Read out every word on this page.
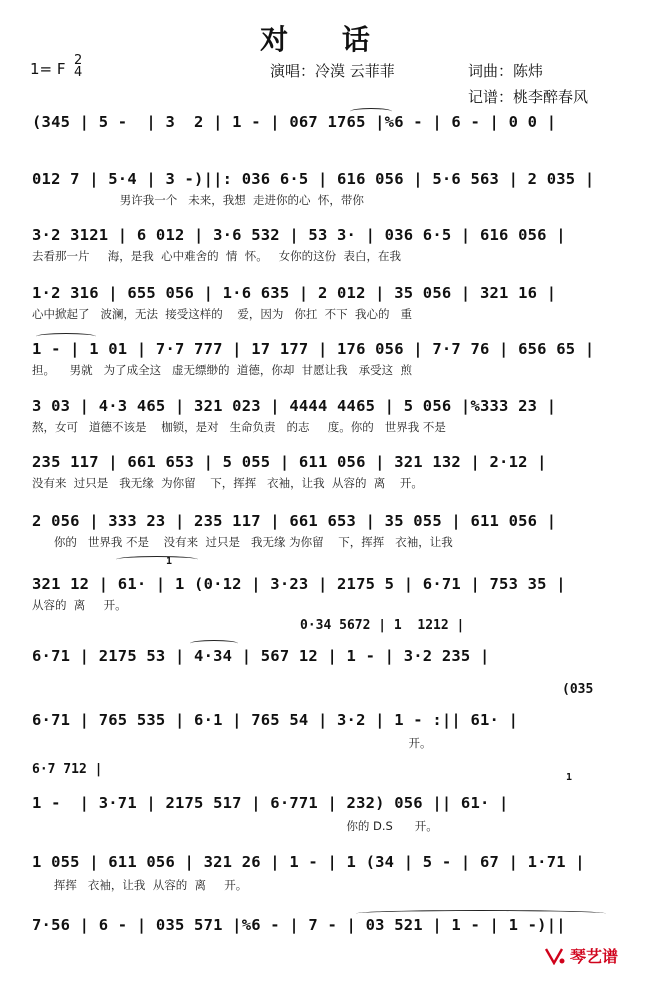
对 话
1= F 2
4	演唱：冷漠 云菲菲	词曲：陈炜
记谱：桃李醉春风
(345 | 5 -  | 3  2 | 1 - | 067 1765 |%6 - | 6 - | 0 0 |
012 7 | 5·4 | 3 -)||: 036 6·5 | 616 056 | 5·6 563 | 2 035 |
男许我一个   未来，我想  走进你的心  怀，带你
3·2 3121 | 6 012 | 3·6 532 | 53 3· | 036 6·5 | 616 056 |
去看那一片     海，是我  心中难舍的  情  怀。   女你的这份  表白，在我
1·2 316 | 655 056 | 1·6 635 | 2 012 | 35 056 | 321 16 |
心中掀起了   波澜，无法  接受这样的    爱，因为   你扛  不下  我心的   重
1 - | 1 01 | 7·7 777 | 17 177 | 176 056 | 7·7 76 | 656 65 |
担。    男就   为了成全这   虚无缥缈的  道德，你却  甘愿让我   承受这  煎
3 03 | 4·3 465 | 321 023 | 4444 4465 | 5 056 |%333 23 |
熬，女可   道德不该是    枷锁，是对   生命负责   的志     度。你的   世界我 不是
235 117 | 661 653 | 5 055 | 611 056 | 321 132 | 2·12 |
没有来  过只是   我无缘  为你留    下，挥挥   衣袖，让我  从容的  离    开。
2 056 | 333 23 | 235 117 | 661 653 | 35 055 | 611 056 |
你的   世界我 不是    没有来  过只是   我无缘 为你留    下，挥挥   衣袖，让我
321 12 | 61· | 1 (0·12 | 3·23 | 2175 5 | 6·71 | 753 35 |
从容的  离     开。
0·34 5672 | 1  1212 |
6·71 | 2175 53 | 4·34 | 567 12 | 1 - | 3·2 235 |
(035
6·71 | 765 535 | 6·1 | 765 54 | 3·2 | 1 - :|| 61· |
开。
6·7 712 |
1 -  | 3·71 | 2175 517 | 6·771 | 232) 056 || 61· |
你的 D.S      开。
1 055 | 611 056 | 321 26 | 1 - | 1 (34 | 5 - | 67 | 1·71 |
挥挥   衣袖，让我  从容的  离     开。
7·56 | 6 - | 035 571 |%6 - | 7 - | 03 521 | 1 - | 1 -)||
1
1
琴艺谱
